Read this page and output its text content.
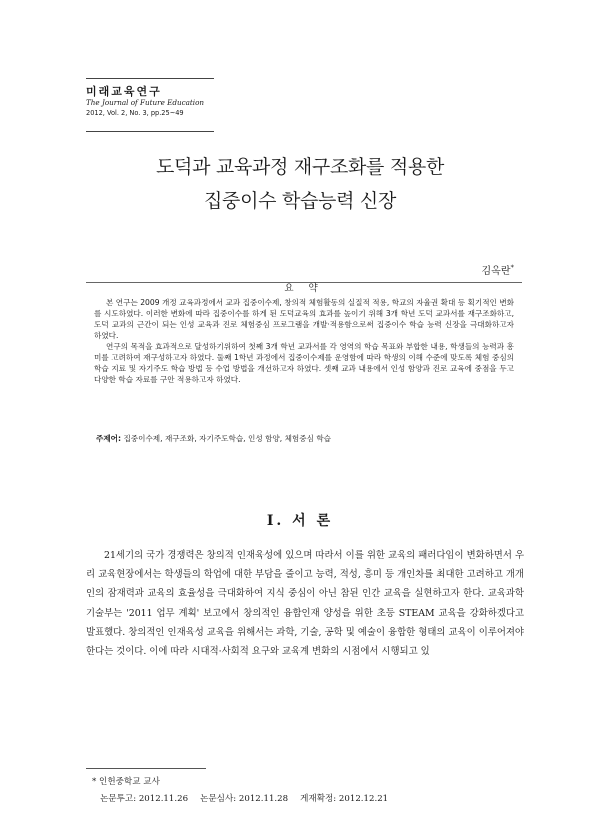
미래교육연구
The Journal of Future Education
2012, Vol. 2, No. 3, pp.25~49
도덕과 교육과정 재구조화를 적용한
집중이수 학습능력 신장
김옥란*
요 약

본 연구는 2009 개정 교육과정에서 교과 집중이수제, 창의적 체험활동의 실질적 적용, 학교의 자율권 확대 등 획기적인 변화를 시도하였다. 이러한 변화에 따라 집중이수를 하게 된 도덕교육의 효과를 높이기 위해 3개 학년 도덕 교과서를 재구조화하고, 도덕 교과의 근간이 되는 인성 교육과 진로 체험중심 프로그램을 개발·적용함으로써 집중이수 학습 능력 신장을 극대화하고자 하였다.

연구의 목적을 효과적으로 달성하기위하여 첫째 3개 학년 교과서를 각 영역의 학습 목표와 부합한 내용, 학생들의 능력과 흥미를 고려하여 재구성하고자 하였다. 둘째 1학년 과정에서 집중이수제를 운영함에 따라 학생의 이해 수준에 맞도록 체험 중심의 학습 지료 및 자기주도 학습 방법 등 수업 방법을 개선하고자 하였다. 셋째 교과 내용에서 인성 함양과 진로 교육에 중점을 두고 다양한 학습 자료를 구안 적용하고자 하였다.

주제어: 집중이수제, 재구조화, 자기주도학습, 인성 함양, 체험중심 학습
Ⅰ. 서 론

21세기의 국가 경쟁력은 창의적 인재육성에 있으며 따라서 이를 위한 교육의 패러다임이 변화하면서 우리 교육현장에서는 학생들의 학업에 대한 부담을 줄이고 능력, 적성, 흥미 등 개인차를 최대한 고려하고 개개인의 잠재력과 교육의 효율성을 극대화하여 지식 중심이 아닌 참된 인간 교육을 실현하고자 한다. 교육과학기술부는 '2011 업무 계획' 보고에서 창의적인 융합인재 양성을 위한 초등 STEAM 교육을 강화하겠다고 발표했다. 창의적인 인재육성 교육을 위해서는 과학, 기술, 공학 및 예술이 융합한 형태의 교육이 이루어져야 한다는 것이다. 이에 따라 시대적·사회적 요구와 교육계 변화의 시점에서 시행되고 있

* 인헌중학교 교사
논문투고: 2012.11.26 논문심사: 2012.11.28 게재확정: 2012.12.21
